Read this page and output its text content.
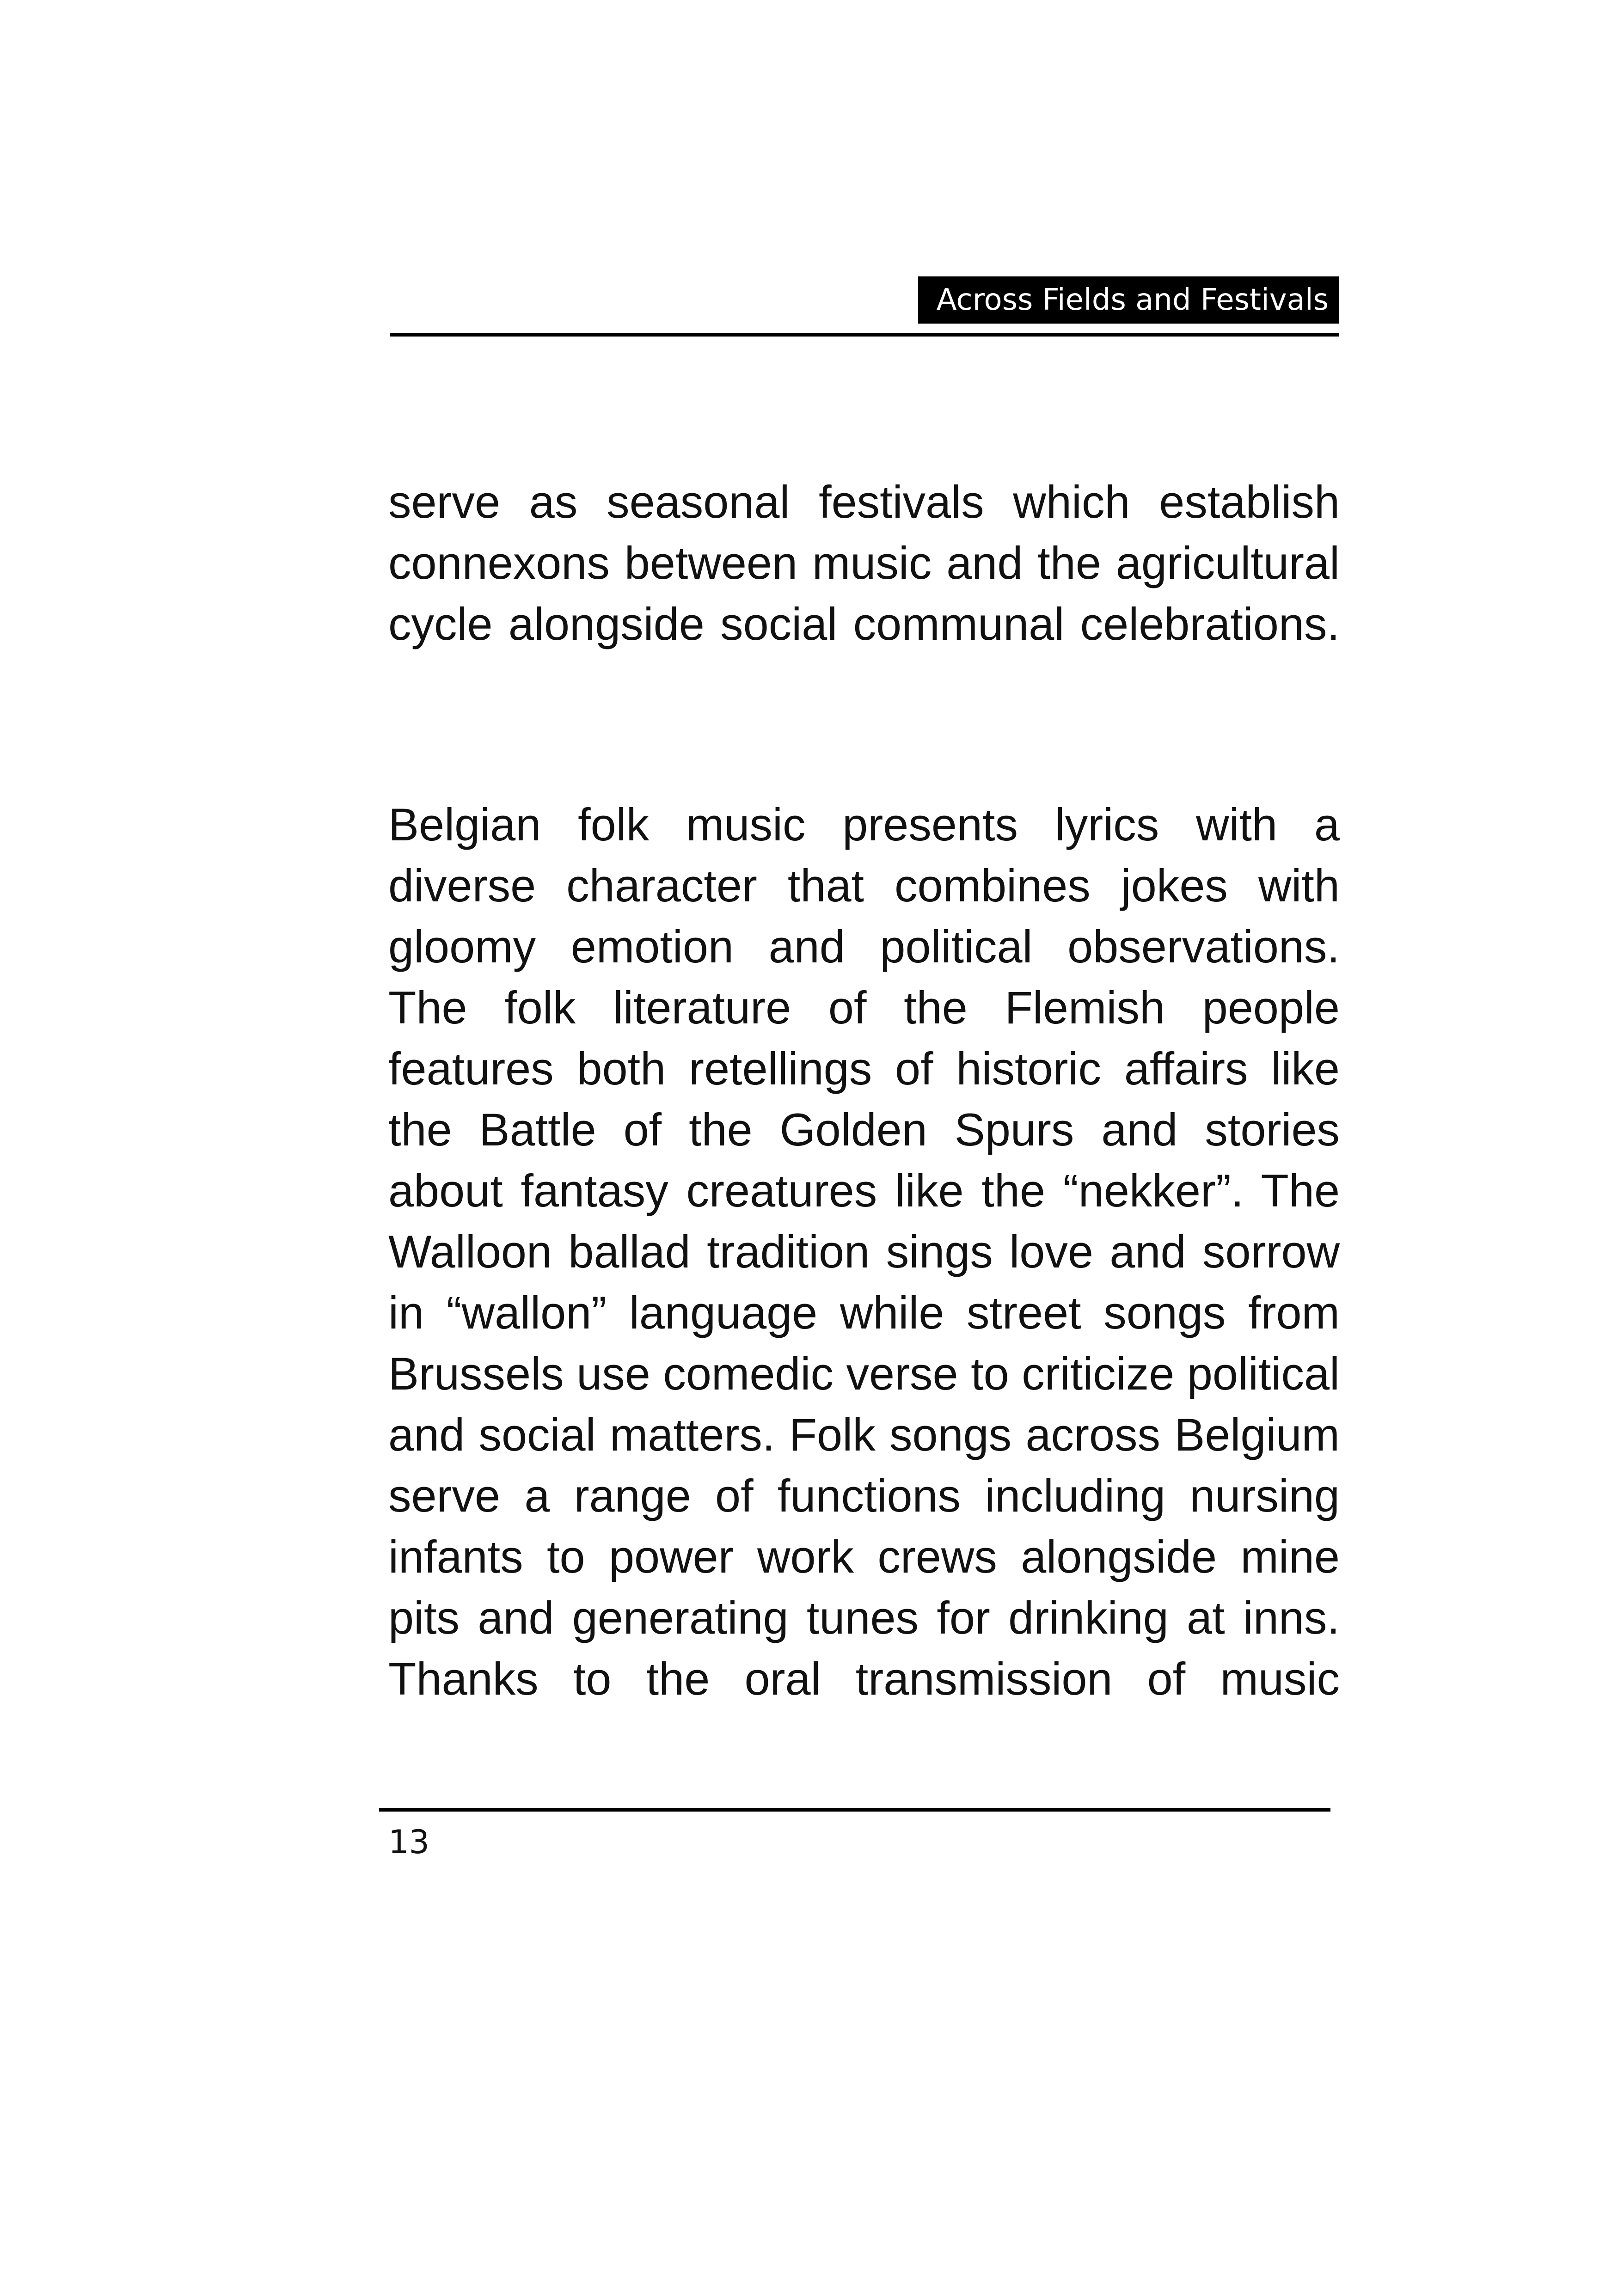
Across Fields and Festivals

serve as seasonal festivals which establish connexons between music and the agricultural cycle alongside social communal celebrations.

Belgian folk music presents lyrics with a diverse character that combines jokes with gloomy emotion and political observations. The folk literature of the Flemish people features both retellings of historic affairs like the Battle of the Golden Spurs and stories about fantasy creatures like the “nekker”. The Walloon ballad tradition sings love and sorrow in “wallon” language while street songs from Brussels use comedic verse to criticize political and social matters. Folk songs across Belgium serve a range of functions including nursing infants to power work crews alongside mine pits and generating tunes for drinking at inns. Thanks to the oral transmission of music

13
